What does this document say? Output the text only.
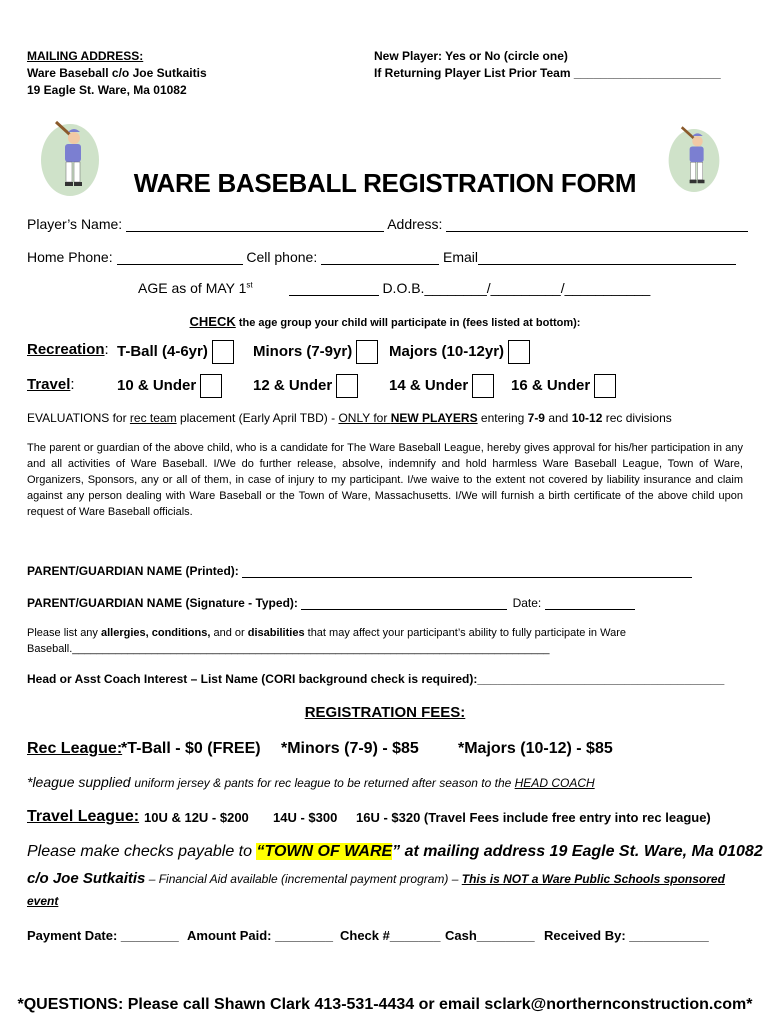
MAILING ADDRESS:
Ware Baseball c/o Joe Sutkaitis
19 Eagle St. Ware, Ma 01082
New Player: Yes or No (circle one)
If Returning Player List Prior Team ______________________
WARE BASEBALL REGISTRATION FORM
Player’s Name:	Address:
Home Phone:	Cell phone:	Email
AGE as of MAY 1st	D.O.B.________/_________/___________
CHECK the age group your child will participate in (fees listed at bottom):
Recreation: T-Ball (4-6yr)	Minors (7-9yr)	Majors (10-12yr)
Travel:	10 & Under	12 & Under	14 & Under	16 & Under
EVALUATIONS for rec team placement (Early April TBD) - ONLY for NEW PLAYERS entering 7-9 and 10-12 rec divisions
The parent or guardian of the above child, who is a candidate for The Ware Baseball League, hereby gives approval for his/her participation in any and all activities of Ware Baseball. I/We do further release, absolve, indemnify and hold harmless Ware Baseball League, Town of Ware, Organizers, Sponsors, any or all of them, in case of injury to my participant. I/we waive to the extent not covered by liability insurance and claim against any person dealing with Ware Baseball or the Town of Ware, Massachusetts. I/We will furnish a birth certificate of the above child upon request of Ware Baseball officials.
PARENT/GUARDIAN NAME (Printed):
PARENT/GUARDIAN NAME (Signature - Typed):	Date:
Please list any allergies, conditions, and or disabilities that may affect your participant’s ability to fully participate in Ware
Baseball.______________________________________________________________________________
Head or Asst Coach Interest – List Name (CORI background check is required):_____________________________________
REGISTRATION FEES:
Rec League:
*T-Ball - $0 (FREE) *Minors (7-9) - $85 *Majors (10-12) - $85
*league supplied uniform jersey & pants for rec league to be returned after season to the HEAD COACH
Travel League: 10U & 12U - $200 14U - $300 16U - $320 (Travel Fees include free entry into rec league)
Please make checks payable to “TOWN OF WARE” at mailing address 19 Eagle St. Ware, Ma 01082
c/o Joe Sutkaitis – Financial Aid available (incremental payment program) – This is NOT a Ware Public Schools sponsored
event
Payment Date: ________ Amount Paid: ________ Check #_______ Cash________ Received By: ___________
*QUESTIONS: Please call Shawn Clark 413-531-4434 or email sclark@northernconstruction.com*
